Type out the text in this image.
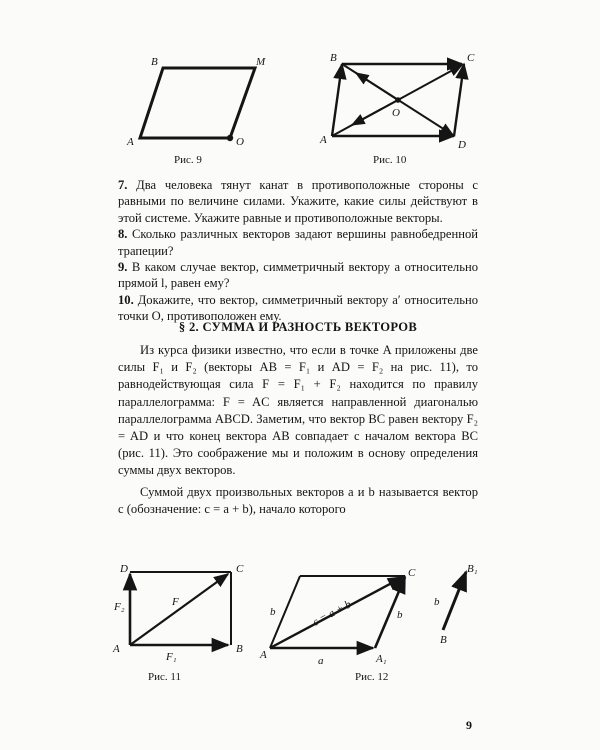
A
B	M
O
Рис. 9
A
B	C
D
O
Рис. 10

7. Два человека тянут канат в противоположные стороны с равными по величине силами. Укажите, какие силы действуют в этой системе. Укажите равные и противоположные векторы.

8. Сколько различных векторов задают вершины равнобедренной трапеции?

9. В каком случае вектор, симметричный вектору a относительно прямой l, равен ему?

10. Докажите, что вектор, симметричный вектору a′ относительно точки O, противоположен ему.

§ 2. СУММА И РАЗНОСТЬ ВЕКТОРОВ

Из курса физики известно, что если в точке A приложены две силы F₁ и F₂ (векторы AB = F₁ и AD = F₂ на рис. 11), то равнодействующая сила F = F₁ + F₂ находится по правилу параллелограмма: F = AC является направленной диагональю параллелограмма ABCD. Заметим, что вектор BC равен вектору F₂ = AD и что конец вектора AB совпадает с началом вектора BC (рис. 11). Это соображение мы и положим в основу определения суммы двух векторов.

Суммой двух произвольных векторов a и b называется вектор c (обозначение: c = a + b), начало которого

A
D	C
B
F
F₁
F₂
Рис. 11
A	A₁
C
a
b	b
b
c = a + b
B₁
B
Рис. 12
9
